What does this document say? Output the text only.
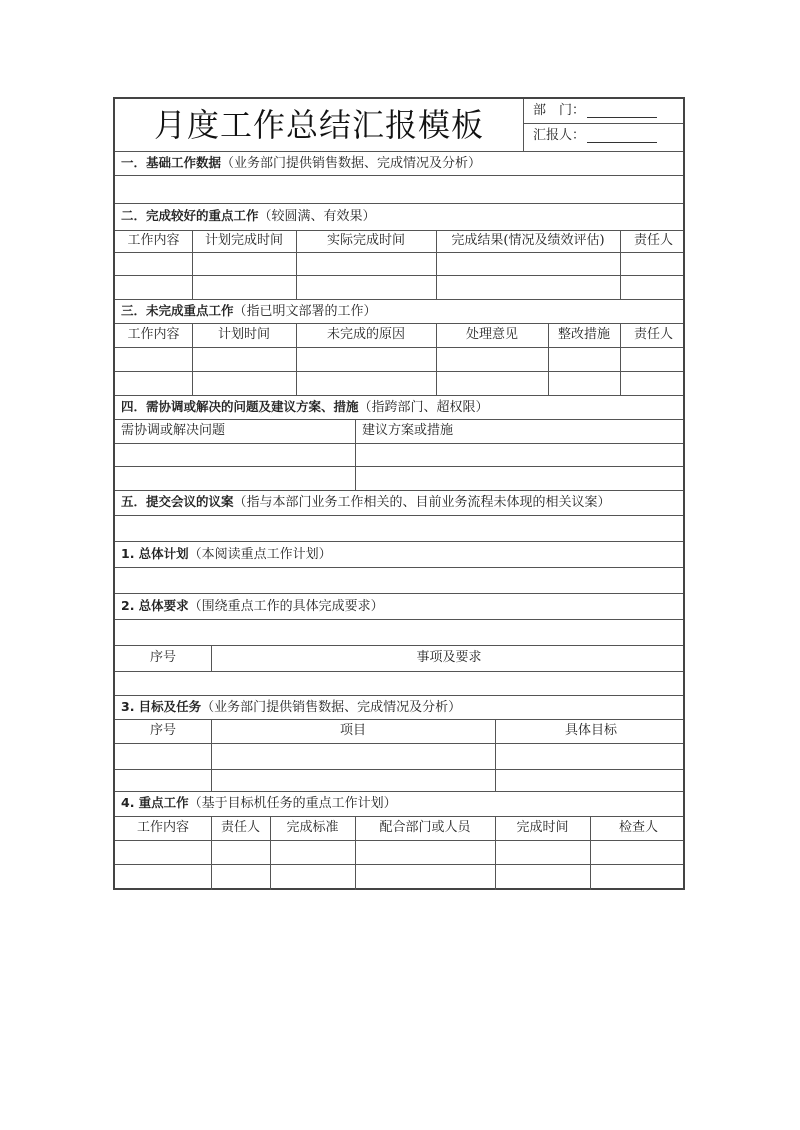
月度工作总结汇报模板	部　门：
汇报人：
一．基础工作数据（业务部门提供销售数据、完成情况及分析）
二．完成较好的重点工作（较圆满、有效果）
工作内容	计划完成时间	实际完成时间	完成结果(情况及绩效评估)	责任人
三．未完成重点工作（指已明文部署的工作）
工作内容	计划时间	未完成的原因	处理意见	整改措施	责任人
四．需协调或解决的问题及建议方案、措施（指跨部门、超权限）
需协调或解决问题	建议方案或措施
五．提交会议的议案（指与本部门业务工作相关的、目前业务流程未体现的相关议案）
1. 总体计划（本阅读重点工作计划）
2. 总体要求（围绕重点工作的具体完成要求）
序号	事项及要求
3. 目标及任务（业务部门提供销售数据、完成情况及分析）
序号	项目	具体目标
4. 重点工作（基于目标机任务的重点工作计划）
工作内容	责任人	完成标准	配合部门或人员	完成时间	检查人
